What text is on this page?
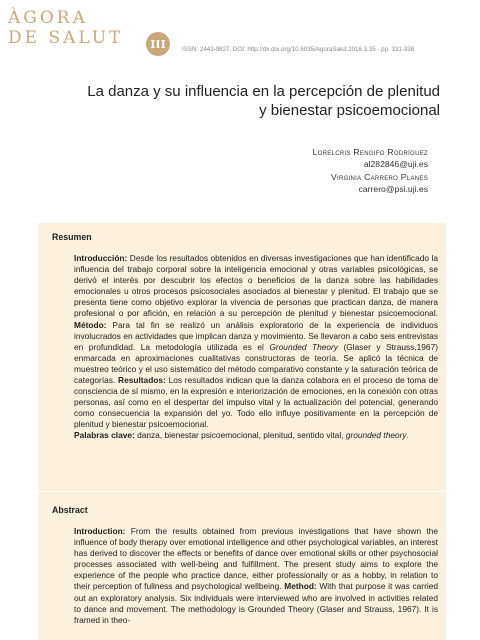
ÀGORA
DE SALUT	III	ISSN: 2443-9827. DOI: http://dx.doi.org/10.6035/AgoraSalut.2016.3.35 - pp. 331-338
La danza y su influencia en la percepción de plenitud
y bienestar psicoemocional
Lorelcris Rengifo Rodríguez
al282846@uji.es
Virginia Carrero Planes
carrero@psi.uji.es
Resumen
Introducción: Desde los resultados obtenidos en diversas investigaciones que han identificado la influencia del trabajo corporal sobre la inteligencia emocional y otras variables psicológicas, se derivó el interés por descubrir los efectos o beneficios de la danza sobre las habilidades emocionales u otros procesos psicosociales asociados al bienestar y plenitud. El trabajo que se presenta tiene como objetivo explorar la vivencia de personas que practican danza, de manera profesional o por afición, en relación a su percepción de plenitud y bienestar psicoemocional. Método: Para tal fin se realizó un análisis exploratorio de la experiencia de individuos involucrados en actividades que implican danza y movimiento. Se llevaron a cabo seis entrevistas en profundidad. La metodología utilizada es el Grounded Theory (Glaser y Strauss,1967) enmarcada en aproximaciones cualitativas constructoras de teoría. Se aplicó la técnica de muestreo teórico y el uso sistemático del método comparativo constante y la saturación teórica de categorías. Resultados: Los resultados indican que la danza colabora en el proceso de toma de consciencia de sí mismo, en la expresión e interiorización de emociones, en la conexión con otras personas, así como en el despertar del impulso vital y la actualización del potencial, generando como consecuencia la expansión del yo. Todo ello influye positivamente en la percepción de plenitud y bienestar psicoemocional.
Palabras clave: danza, bienestar psicoemocional, plenitud, sentido vital, grounded theory.
Abstract
Introduction: From the results obtained from previous investigations that have shown the influence of body therapy over emotional intelligence and other psychological variables, an interest has derived to discover the effects or benefits of dance over emotional skills or other psychosocial processes associated with well-being and fulfillment. The present study aims to explore the experience of the people who practice dance, either professionally or as a hobby, in relation to their perception of fullness and psychological wellbeing. Method: With that purpose it was carried out an exploratory analysis. Six individuals were interviewed who are involved in activities related to dance and movement. The methodology is Grounded Theory (Glaser and Strauss, 1967). It is framed in theo-
